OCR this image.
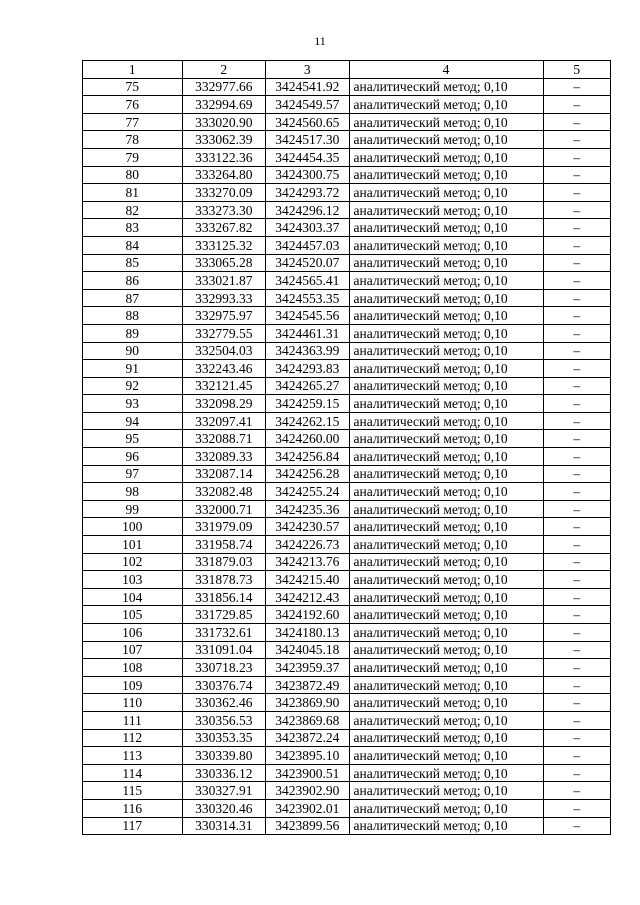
11
1	2	3	4	5
75	332977.66	3424541.92	аналитический метод; 0,10	–
76	332994.69	3424549.57	аналитический метод; 0,10	–
77	333020.90	3424560.65	аналитический метод; 0,10	–
78	333062.39	3424517.30	аналитический метод; 0,10	–
79	333122.36	3424454.35	аналитический метод; 0,10	–
80	333264.80	3424300.75	аналитический метод; 0,10	–
81	333270.09	3424293.72	аналитический метод; 0,10	–
82	333273.30	3424296.12	аналитический метод; 0,10	–
83	333267.82	3424303.37	аналитический метод; 0,10	–
84	333125.32	3424457.03	аналитический метод; 0,10	–
85	333065.28	3424520.07	аналитический метод; 0,10	–
86	333021.87	3424565.41	аналитический метод; 0,10	–
87	332993.33	3424553.35	аналитический метод; 0,10	–
88	332975.97	3424545.56	аналитический метод; 0,10	–
89	332779.55	3424461.31	аналитический метод; 0,10	–
90	332504.03	3424363.99	аналитический метод; 0,10	–
91	332243.46	3424293.83	аналитический метод; 0,10	–
92	332121.45	3424265.27	аналитический метод; 0,10	–
93	332098.29	3424259.15	аналитический метод; 0,10	–
94	332097.41	3424262.15	аналитический метод; 0,10	–
95	332088.71	3424260.00	аналитический метод; 0,10	–
96	332089.33	3424256.84	аналитический метод; 0,10	–
97	332087.14	3424256.28	аналитический метод; 0,10	–
98	332082.48	3424255.24	аналитический метод; 0,10	–
99	332000.71	3424235.36	аналитический метод; 0,10	–
100	331979.09	3424230.57	аналитический метод; 0,10	–
101	331958.74	3424226.73	аналитический метод; 0,10	–
102	331879.03	3424213.76	аналитический метод; 0,10	–
103	331878.73	3424215.40	аналитический метод; 0,10	–
104	331856.14	3424212.43	аналитический метод; 0,10	–
105	331729.85	3424192.60	аналитический метод; 0,10	–
106	331732.61	3424180.13	аналитический метод; 0,10	–
107	331091.04	3424045.18	аналитический метод; 0,10	–
108	330718.23	3423959.37	аналитический метод; 0,10	–
109	330376.74	3423872.49	аналитический метод; 0,10	–
110	330362.46	3423869.90	аналитический метод; 0,10	–
111	330356.53	3423869.68	аналитический метод; 0,10	–
112	330353.35	3423872.24	аналитический метод; 0,10	–
113	330339.80	3423895.10	аналитический метод; 0,10	–
114	330336.12	3423900.51	аналитический метод; 0,10	–
115	330327.91	3423902.90	аналитический метод; 0,10	–
116	330320.46	3423902.01	аналитический метод; 0,10	–
117	330314.31	3423899.56	аналитический метод; 0,10	–
